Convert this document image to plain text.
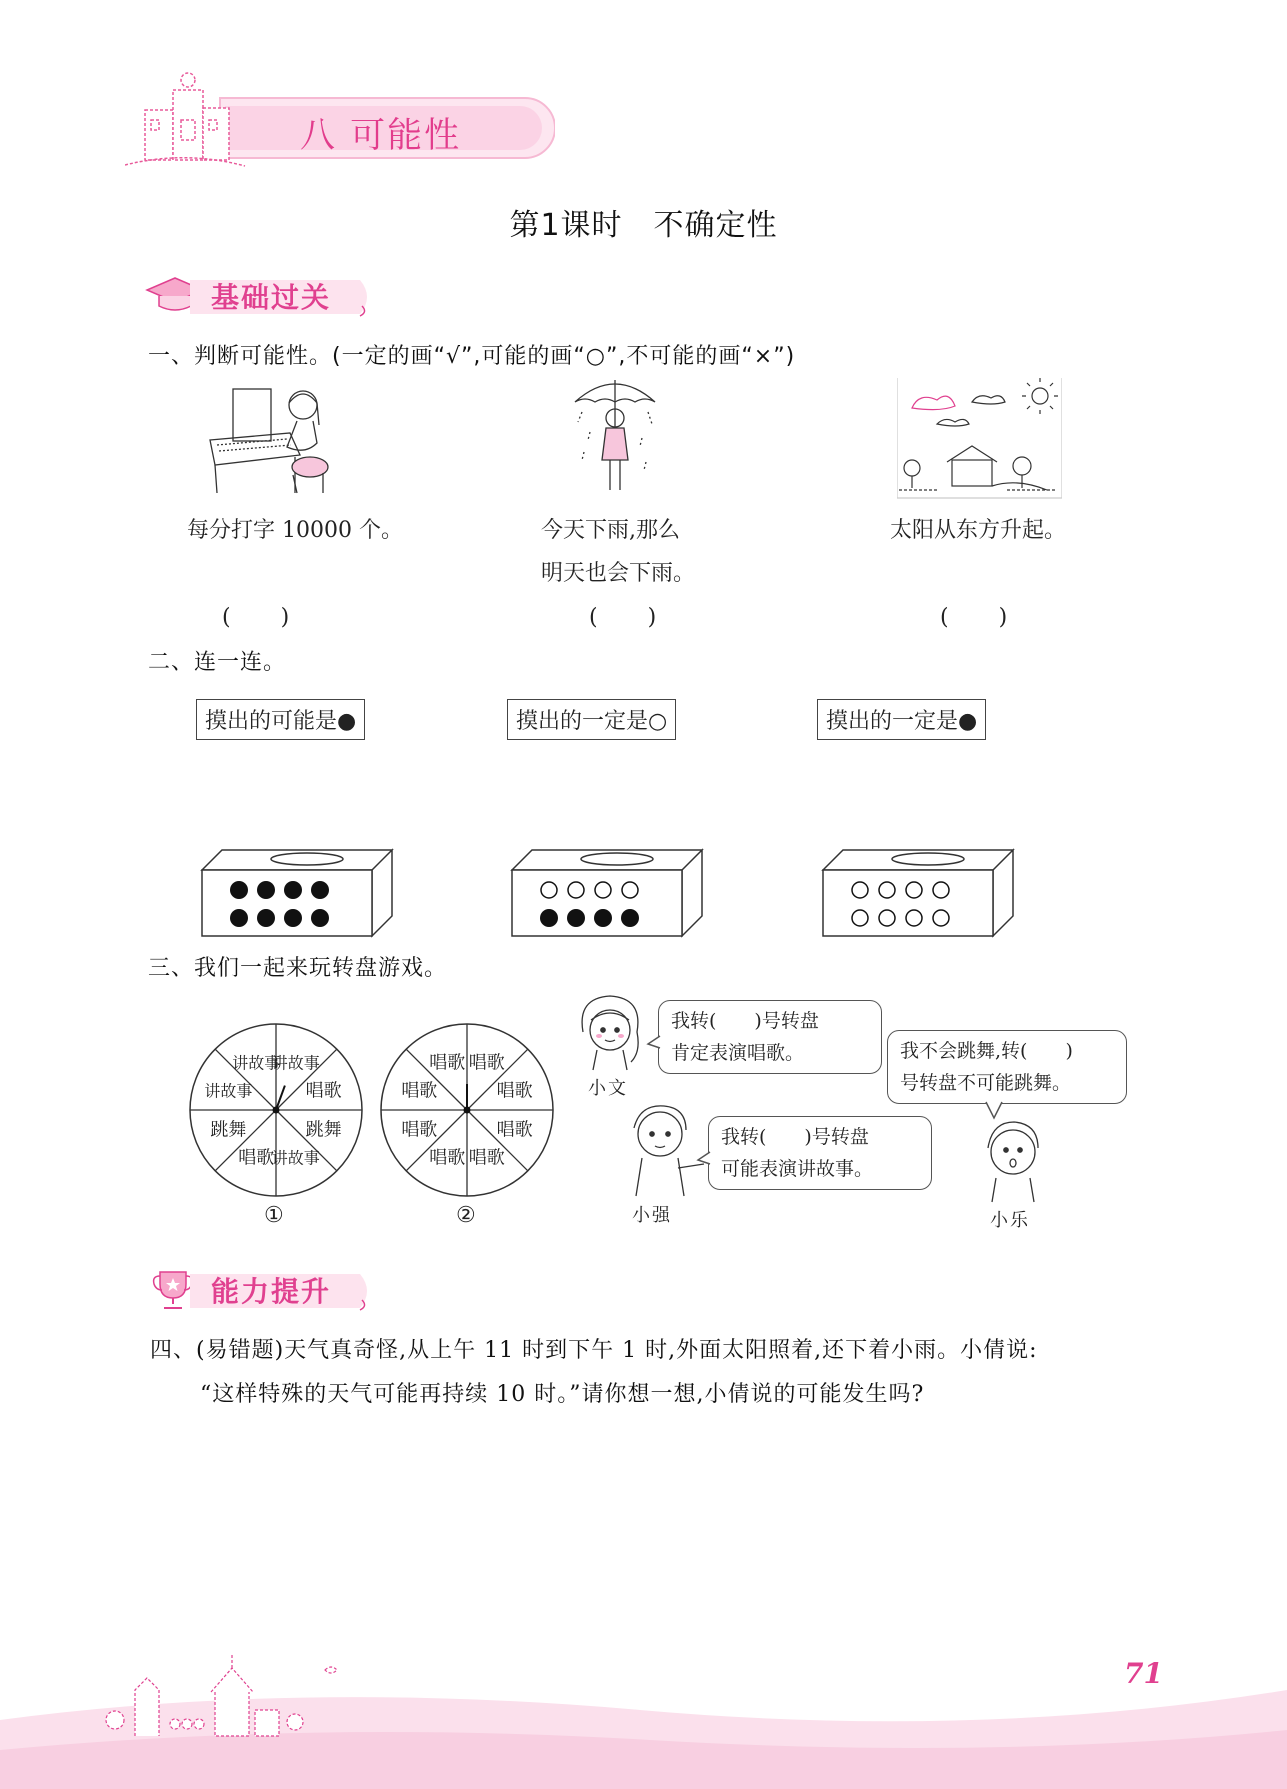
八 可能性
第1课时　不确定性
基础过关
一、判断可能性。(一定的画“√”,可能的画“○”,不可能的画“×”)
每分打字 10000 个。	今天下雨,那么
明天也会下雨。
太阳从东方升起。
(　　)	(　　)	(　　)
二、连一连。
摸出的可能是●	摸出的一定是○	摸出的一定是●
三、我们一起来玩转盘游戏。
讲故事
唱歌
跳舞
讲故事
唱歌
跳舞
讲故事
讲故事	唱歌
唱歌
唱歌
唱歌
唱歌
唱歌
唱歌
唱歌
①	②
小文
小强	小乐
我转(　　)号转盘
肯定表演唱歌。	我不会跳舞,转(　　)
号转盘不可能跳舞。
我转(　　)号转盘
可能表演讲故事。
能力提升
四、(易错题)天气真奇怪,从上午 11 时到下午 1 时,外面太阳照着,还下着小雨。小倩说:
“这样特殊的天气可能再持续 10 时。”请你想一想,小倩说的可能发生吗?
71
